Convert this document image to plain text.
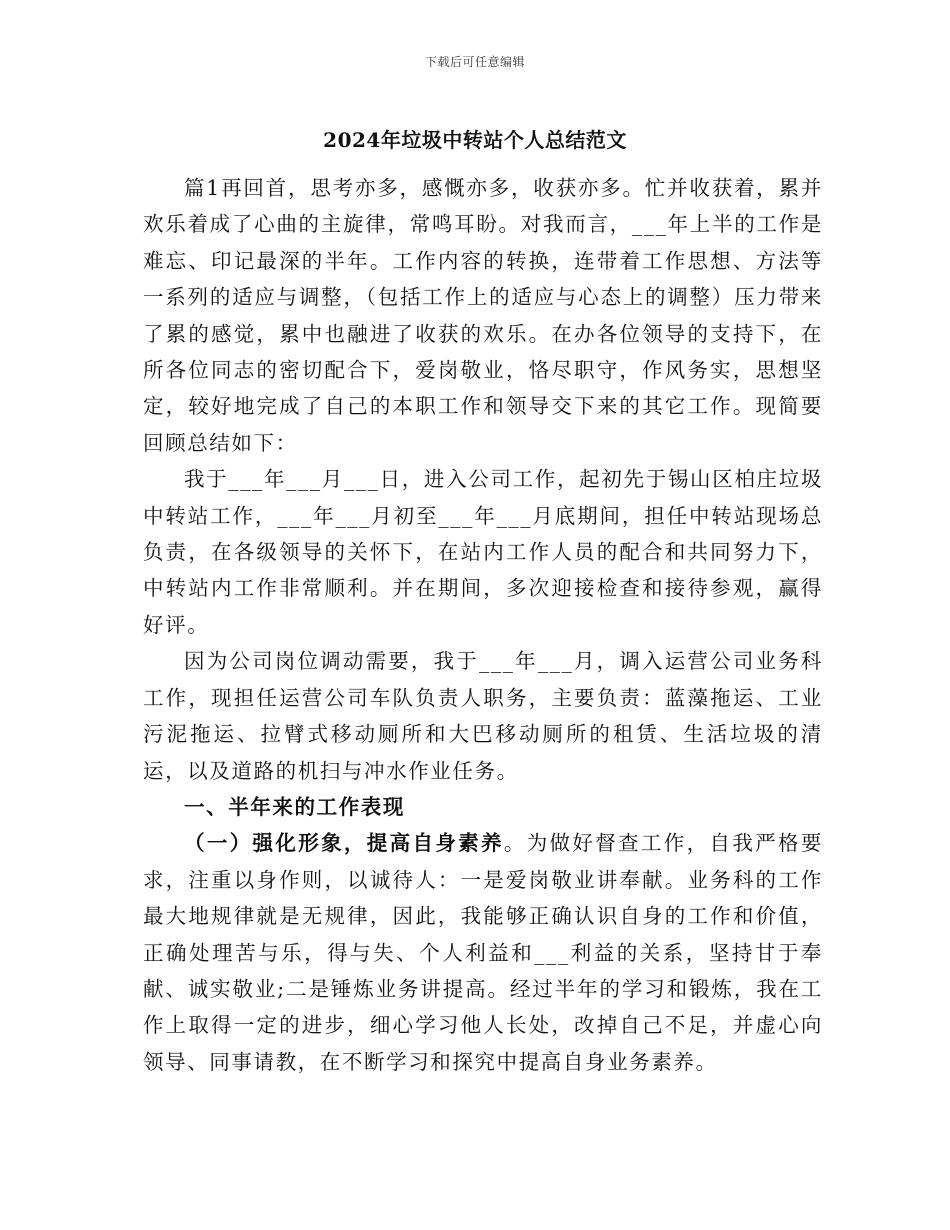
下载后可任意编辑
2024年垃圾中转站个人总结范文

篇1再回首，思考亦多，感慨亦多，收获亦多。忙并收获着，累并欢乐着成了心曲的主旋律，常鸣耳盼。对我而言，___年上半的工作是难忘、印记最深的半年。工作内容的转换，连带着工作思想、方法等一系列的适应与调整，（包括工作上的适应与心态上的调整）压力带来了累的感觉，累中也融进了收获的欢乐。在办各位领导的支持下，在所各位同志的密切配合下，爱岗敬业，恪尽职守，作风务实，思想坚定，较好地完成了自己的本职工作和领导交下来的其它工作。现简要回顾总结如下：

我于___年___月___日，进入公司工作，起初先于锡山区柏庄垃圾中转站工作，___年___月初至___年___月底期间，担任中转站现场总负责，在各级领导的关怀下，在站内工作人员的配合和共同努力下，中转站内工作非常顺利。并在期间，多次迎接检查和接待参观，赢得好评。

因为公司岗位调动需要，我于___年___月，调入运营公司业务科工作，现担任运营公司车队负责人职务，主要负责：蓝藻拖运、工业污泥拖运、拉臂式移动厕所和大巴移动厕所的租赁、生活垃圾的清运，以及道路的机扫与冲水作业任务。

一、半年来的工作表现

（一）强化形象，提高自身素养。为做好督查工作，自我严格要求，注重以身作则，以诚待人：一是爱岗敬业讲奉献。业务科的工作最大地规律就是无规律，因此，我能够正确认识自身的工作和价值，正确处理苦与乐，得与失、个人利益和___利益的关系，坚持甘于奉献、诚实敬业;二是锤炼业务讲提高。经过半年的学习和锻炼，我在工作上取得一定的进步，细心学习他人长处，改掉自己不足，并虚心向领导、同事请教，在不断学习和探究中提高自身业务素养。
